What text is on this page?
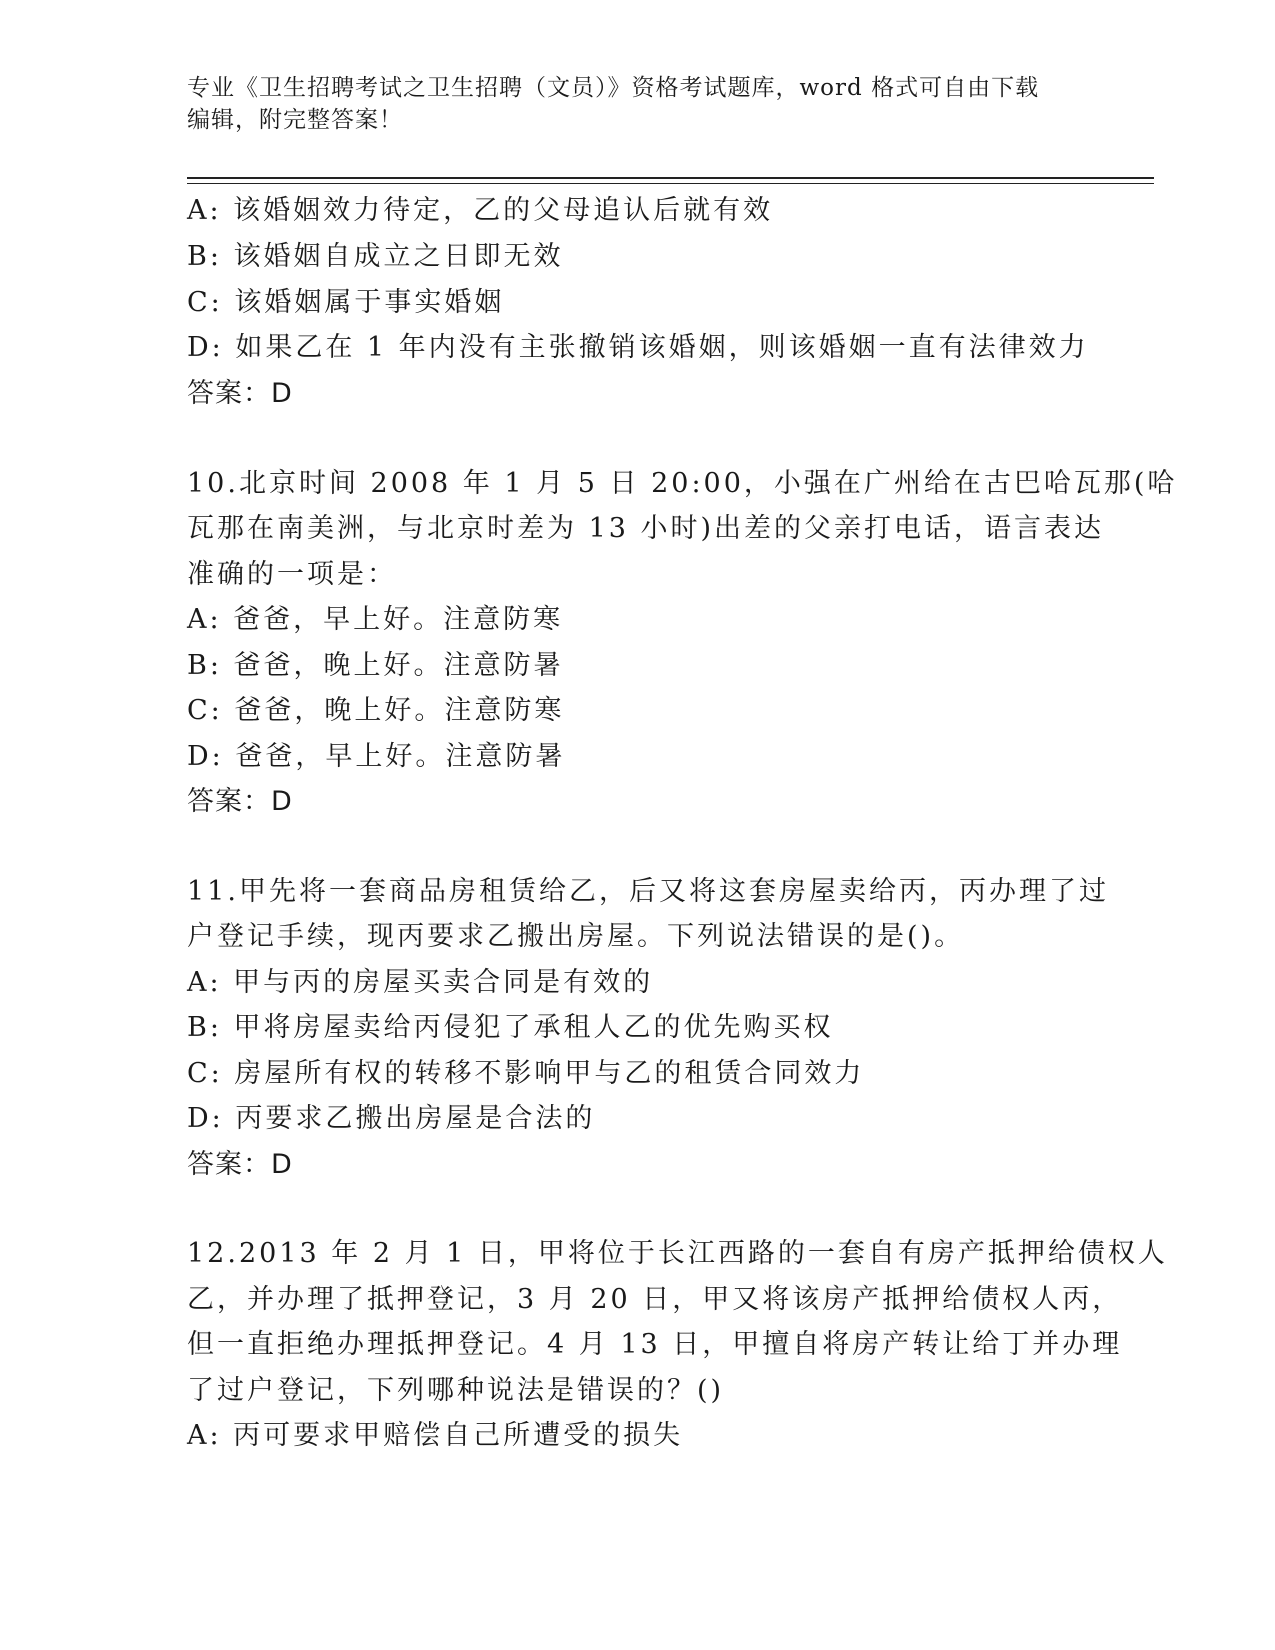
专业《卫生招聘考试之卫生招聘（文员）》资格考试题库，word 格式可自由下载
编辑，附完整答案！
A: 该婚姻效力待定，乙的父母追认后就有效
B: 该婚姻自成立之日即无效
C: 该婚姻属于事实婚姻
D: 如果乙在 1 年内没有主张撤销该婚姻，则该婚姻一直有法律效力
答案：D
10.北京时间 2008 年 1 月 5 日 20:00，小强在广州给在古巴哈瓦那(哈
瓦那在南美洲，与北京时差为 13 小时)出差的父亲打电话，语言表达
准确的一项是：
A: 爸爸，早上好。注意防寒
B: 爸爸，晚上好。注意防暑
C: 爸爸，晚上好。注意防寒
D: 爸爸，早上好。注意防暑
答案：D
11.甲先将一套商品房租赁给乙，后又将这套房屋卖给丙，丙办理了过
户登记手续，现丙要求乙搬出房屋。下列说法错误的是()。
A: 甲与丙的房屋买卖合同是有效的
B: 甲将房屋卖给丙侵犯了承租人乙的优先购买权
C: 房屋所有权的转移不影响甲与乙的租赁合同效力
D: 丙要求乙搬出房屋是合法的
答案：D
12.2013 年 2 月 1 日，甲将位于长江西路的一套自有房产抵押给债权人
乙，并办理了抵押登记，3 月 20 日，甲又将该房产抵押给债权人丙，
但一直拒绝办理抵押登记。4 月 13 日，甲擅自将房产转让给丁并办理
了过户登记，下列哪种说法是错误的？()
A: 丙可要求甲赔偿自己所遭受的损失
